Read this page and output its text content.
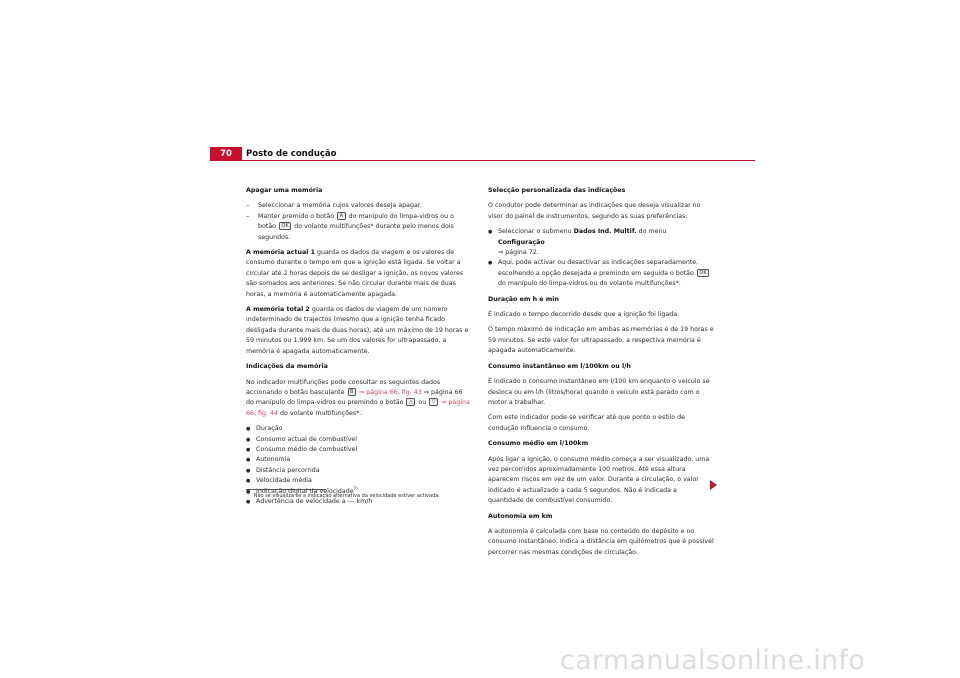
70	Posto de condução

Apagar uma memória

– Seleccionar a memória cujos valores deseja apagar.
– Manter premido o botão A do manípulo do limpa-vidros ou o botão OK do volante multifunções* durante pelo menos dois segundos.

A memória actual 1 guarda os dados da viagem e os valores de consumo durante o tempo em que a ignição está ligada. Se voltar a circular até 2 horas depois de se desligar a ignição, os novos valores são somados aos anteriores. Se não circular durante mais de duas horas, a memória é automaticamente apagada.

A memória total 2 guarda os dados de viagem de um número indeterminado de trajectos (mesmo que a ignição tenha ficado desligada durante mais de duas horas), até um máximo de 19 horas e 59 minutos ou 1.999 km. Se um dos valores for ultrapassado, a memória é apagada automaticamente.

Indicações da memória

No indicador multifunções pode consultar os seguintes dados accionando o botão basculante B ⇒ página 66, fig. 43 ⇒ página 66 do manípulo do limpa-vidros ou premindo o botão △ ou ▽ ⇒ página 66, fig. 44 do volante multifunções*.

● Duração
● Consumo actual de combustível
● Consumo médio de combustível
● Autonomia
● Distância percorrida
● Velocidade média
● Indicação digital da velocidade$^{7)}$
● Advertência de velocidade a --- km/h
$^{7)}$ Não se visualiza se a indicação alternativa da velocidade estiver activada.

Selecção personalizada das indicações

O condutor pode determinar as indicações que deseja visualizar no visor do painel de instrumentos, segundo as suas preferências:

● Seleccionar o submenu Dados Ind. Multif. do menu Configuração
⇒ página 72.
● Aqui, pode activar ou desactivar as indicações separadamente, escolhendo a opção desejada e premindo em seguida o botão OK do manípulo do limpa-vidros ou do volante multifunções*.

Duração em h e min

É indicado o tempo decorrido desde que a ignição foi ligada.

O tempo máximo de indicação em ambas as memórias é de 19 horas e 59 minutos. Se este valor for ultrapassado, a respectiva memória é apagada automaticamente.

Consumo instantâneo em l/100km ou l/h

É indicado o consumo instantâneo em l/100 km enquanto o veículo se desloca ou em l/h (litros/hora) quando o veículo está parado com o motor a trabalhar.

Com este indicador pode-se verificar até que ponto o estilo de condução influencia o consumo.

Consumo médio em l/100km

Após ligar a ignição, o consumo médio começa a ser visualizado, uma vez percorridos aproximadamente 100 metros. Até essa altura aparecem riscos em vez de um valor. Durante a circulação, o valor indicado é actualizado a cada 5 segundos. Não é indicada a quantidade de combustível consumido.

Autonomia em km

A autonomia é calculada com base no conteúdo do depósito e no consumo instantâneo. Indica a distância em quilómetros que é possível percorrer nas mesmas condições de circulação.

carmanualsonline.info
